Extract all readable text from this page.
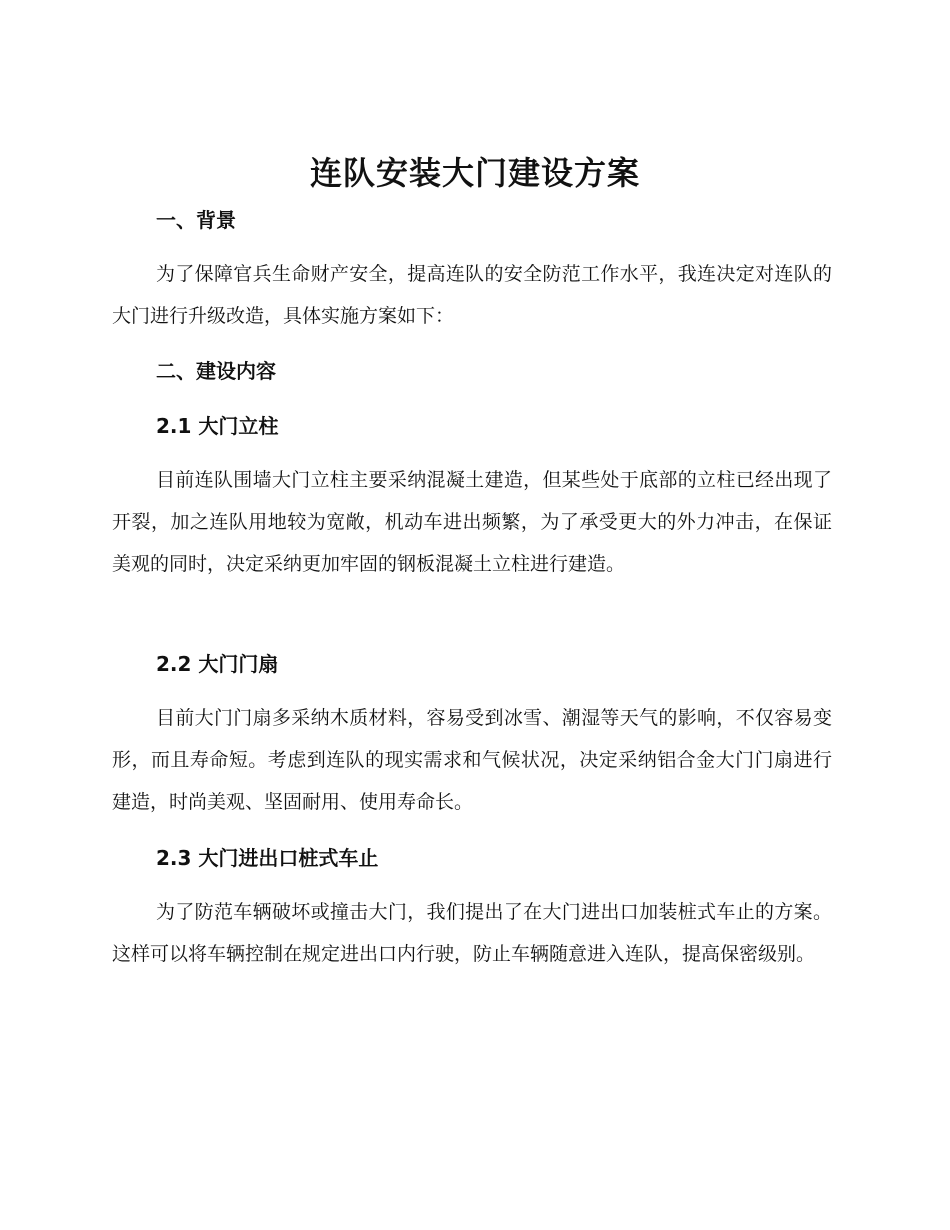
连队安装大门建设方案
一、背景

为了保障官兵生命财产安全，提高连队的安全防范工作水平，我连决定对连队的大门进行升级改造，具体实施方案如下：

二、建设内容
2.1 大门立柱

目前连队围墙大门立柱主要采纳混凝土建造，但某些处于底部的立柱已经出现了开裂，加之连队用地较为宽敞，机动车进出频繁，为了承受更大的外力冲击，在保证美观的同时，决定采纳更加牢固的钢板混凝土立柱进行建造。

2.2 大门门扇

目前大门门扇多采纳木质材料，容易受到冰雪、潮湿等天气的影响，不仅容易变形，而且寿命短。考虑到连队的现实需求和气候状况，决定采纳铝合金大门门扇进行建造，时尚美观、坚固耐用、使用寿命长。

2.3 大门进出口桩式车止

为了防范车辆破坏或撞击大门，我们提出了在大门进出口加装桩式车止的方案。这样可以将车辆控制在规定进出口内行驶，防止车辆随意进入连队，提高保密级别。
